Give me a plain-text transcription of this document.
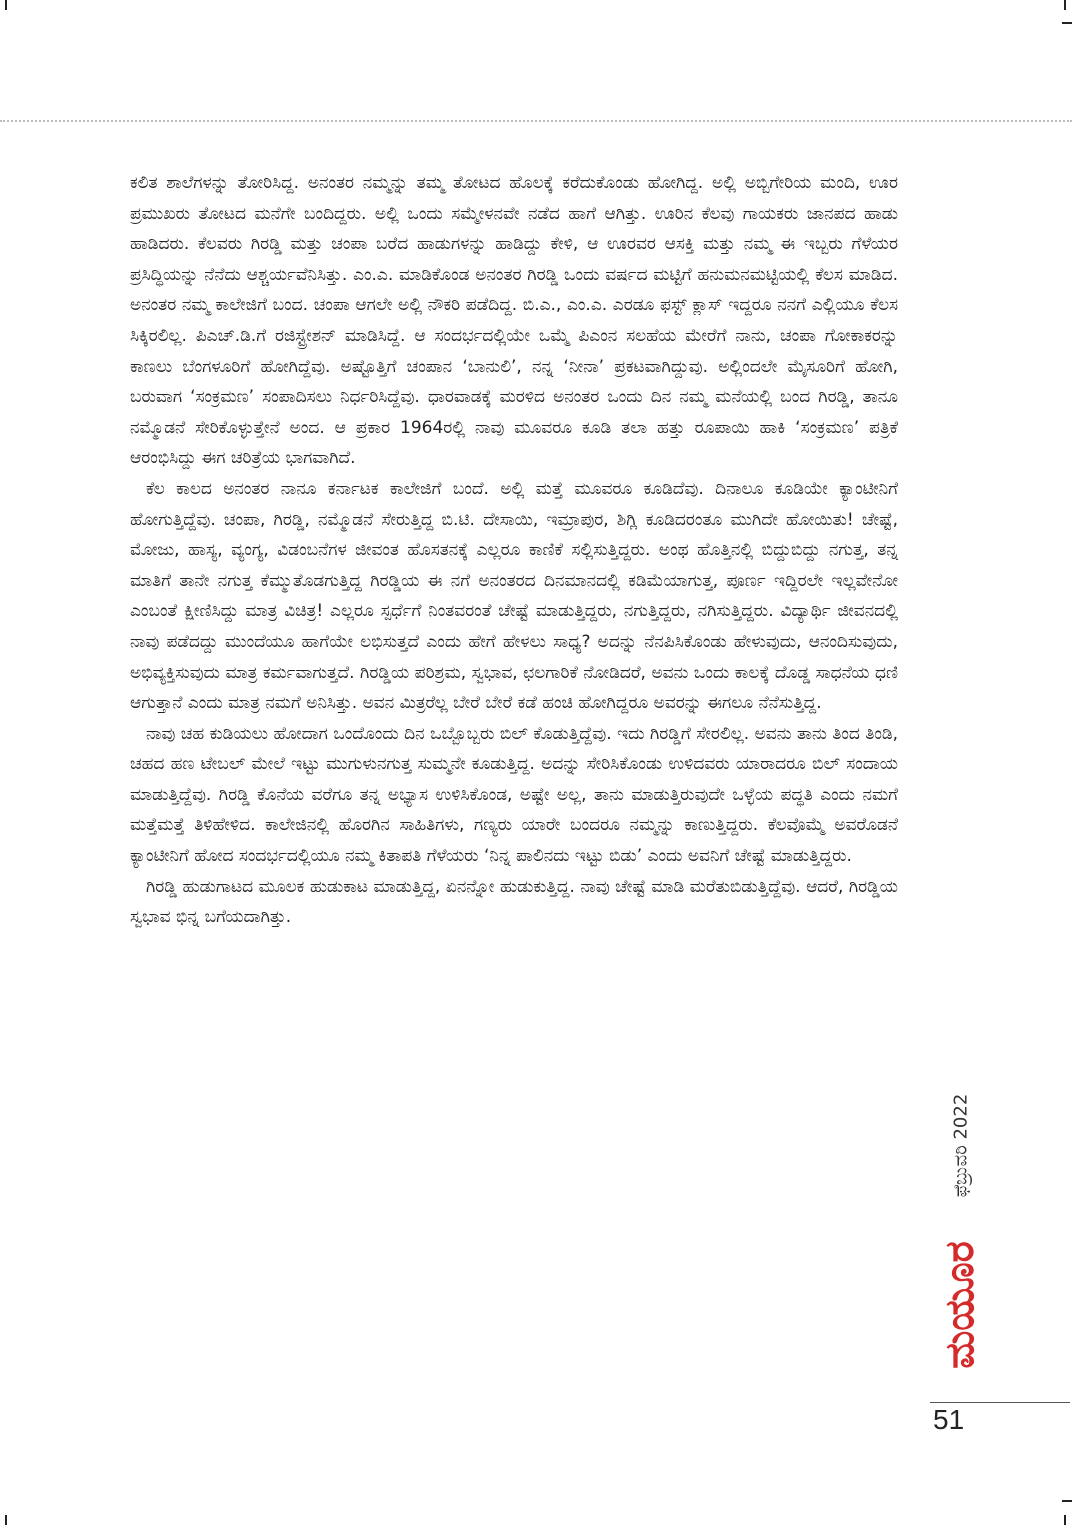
ಕಲಿತ ಶಾಲೆಗಳನ್ನು ತೋರಿಸಿದ್ದ. ಅನಂತರ ನಮ್ಮನ್ನು ತಮ್ಮ ತೋಟದ ಹೊಲಕ್ಕೆ ಕರೆದುಕೊಂಡು ಹೋಗಿದ್ದ. ಅಲ್ಲಿ ಅಬ್ಬಿಗೇರಿಯ ಮಂದಿ, ಊರ ಪ್ರಮುಖರು ತೋಟದ ಮನೆಗೇ ಬಂದಿದ್ದರು. ಅಲ್ಲಿ ಒಂದು ಸಮ್ಮೇಳನವೇ ನಡೆದ ಹಾಗೆ ಆಗಿತ್ತು. ಊರಿನ ಕೆಲವು ಗಾಯಕರು ಜಾನಪದ ಹಾಡು ಹಾಡಿದರು. ಕೆಲವರು ಗಿರಡ್ಡಿ ಮತ್ತು ಚಂಪಾ ಬರೆದ ಹಾಡುಗಳನ್ನು ಹಾಡಿದ್ದು ಕೇಳಿ, ಆ ಊರವರ ಆಸಕ್ತಿ ಮತ್ತು ನಮ್ಮ ಈ ಇಬ್ಬರು ಗೆಳೆಯರ ಪ್ರಸಿದ್ಧಿಯನ್ನು ನೆನೆದು ಆಶ್ಚರ್ಯವೆನಿಸಿತ್ತು. ಎಂ.ಎ. ಮಾಡಿಕೊಂಡ ಅನಂತರ ಗಿರಡ್ಡಿ ಒಂದು ವರ್ಷದ ಮಟ್ಟಿಗೆ ಹನುಮನಮಟ್ಟಿಯಲ್ಲಿ ಕೆಲಸ ಮಾಡಿದ. ಅನಂತರ ನಮ್ಮ ಕಾಲೇಜಿಗೆ ಬಂದ. ಚಂಪಾ ಆಗಲೇ ಅಲ್ಲಿ ನೌಕರಿ ಪಡೆದಿದ್ದ. ಬಿ.ಎ., ಎಂ.ಎ. ಎರಡೂ ಫಸ್ಟ್ ಕ್ಲಾಸ್ ಇದ್ದರೂ ನನಗೆ ಎಲ್ಲಿಯೂ ಕೆಲಸ ಸಿಕ್ಕಿರಲಿಲ್ಲ. ಪಿಎಚ್.ಡಿ.ಗೆ ರಜಿಸ್ಟ್ರೇಶನ್ ಮಾಡಿಸಿದ್ದೆ. ಆ ಸಂದರ್ಭದಲ್ಲಿಯೇ ಒಮ್ಮೆ ಪಿಎಂನ ಸಲಹೆಯ ಮೇರೆಗೆ ನಾನು, ಚಂಪಾ ಗೋಕಾಕರನ್ನು ಕಾಣಲು ಬೆಂಗಳೂರಿಗೆ ಹೋಗಿದ್ದೆವು. ಅಷ್ಟೊತ್ತಿಗೆ ಚಂಪಾನ ‘ಬಾನುಲಿ’, ನನ್ನ ‘ನೀನಾ’ ಪ್ರಕಟವಾಗಿದ್ದುವು. ಅಲ್ಲಿಂದಲೇ ಮೈಸೂರಿಗೆ ಹೋಗಿ, ಬರುವಾಗ ‘ಸಂಕ್ರಮಣ’ ಸಂಪಾದಿಸಲು ನಿರ್ಧರಿಸಿದ್ದೆವು. ಧಾರವಾಡಕ್ಕೆ ಮರಳಿದ ಅನಂತರ ಒಂದು ದಿನ ನಮ್ಮ ಮನೆಯಲ್ಲಿ ಬಂದ ಗಿರಡ್ಡಿ, ತಾನೂ ನಮ್ಮೊಡನೆ ಸೇರಿಕೊಳ್ಳುತ್ತೇನೆ ಅಂದ. ಆ ಪ್ರಕಾರ 1964ರಲ್ಲಿ ನಾವು ಮೂವರೂ ಕೂಡಿ ತಲಾ ಹತ್ತು ರೂಪಾಯಿ ಹಾಕಿ ‘ಸಂಕ್ರಮಣ’ ಪತ್ರಿಕೆ ಆರಂಭಿಸಿದ್ದು ಈಗ ಚರಿತ್ರೆಯ ಭಾಗವಾಗಿದೆ.

ಕೆಲ ಕಾಲದ ಅನಂತರ ನಾನೂ ಕರ್ನಾಟಕ ಕಾಲೇಜಿಗೆ ಬಂದೆ. ಅಲ್ಲಿ ಮತ್ತೆ ಮೂವರೂ ಕೂಡಿದೆವು. ದಿನಾಲೂ ಕೂಡಿಯೇ ಕ್ಯಾಂಟೀನಿಗೆ ಹೋಗುತ್ತಿದ್ದೆವು. ಚಂಪಾ, ಗಿರಡ್ಡಿ, ನಮ್ಮೊಡನೆ ಸೇರುತ್ತಿದ್ದ ಬಿ.ಟಿ. ದೇಸಾಯಿ, ಇಮ್ರಾಪುರ, ಶಿಗ್ಲಿ ಕೂಡಿದರಂತೂ ಮುಗಿದೇ ಹೋಯಿತು! ಚೇಷ್ಟೆ, ಮೋಜು, ಹಾಸ್ಯ, ವ್ಯಂಗ್ಯ, ವಿಡಂಬನೆಗಳ ಜೀವಂತ ಹೊಸತನಕ್ಕೆ ಎಲ್ಲರೂ ಕಾಣಿಕೆ ಸಲ್ಲಿಸುತ್ತಿದ್ದರು. ಅಂಥ ಹೊತ್ತಿನಲ್ಲಿ ಬಿದ್ದುಬಿದ್ದು ನಗುತ್ತ, ತನ್ನ ಮಾತಿಗೆ ತಾನೇ ನಗುತ್ತ ಕೆಮ್ಮುತೊಡಗುತ್ತಿದ್ದ ಗಿರಡ್ಡಿಯ ಈ ನಗೆ ಅನಂತರದ ದಿನಮಾನದಲ್ಲಿ ಕಡಿಮೆಯಾಗುತ್ತ, ಪೂರ್ಣ ಇದ್ದಿರಲೇ ಇಲ್ಲವೇನೋ ಎಂಬಂತೆ ಕ್ಷೀಣಿಸಿದ್ದು ಮಾತ್ರ ವಿಚಿತ್ರ! ಎಲ್ಲರೂ ಸ್ಪರ್ಧೆಗೆ ನಿಂತವರಂತೆ ಚೇಷ್ಟೆ ಮಾಡುತ್ತಿದ್ದರು, ನಗುತ್ತಿದ್ದರು, ನಗಿಸುತ್ತಿದ್ದರು. ವಿದ್ಯಾರ್ಥಿ ಜೀವನದಲ್ಲಿ ನಾವು ಪಡೆದದ್ದು ಮುಂದೆಯೂ ಹಾಗೆಯೇ ಲಭಿಸುತ್ತದೆ ಎಂದು ಹೇಗೆ ಹೇಳಲು ಸಾಧ್ಯ? ಅದನ್ನು ನೆನಪಿಸಿಕೊಂಡು ಹೇಳುವುದು, ಆನಂದಿಸುವುದು, ಅಭಿವ್ಯಕ್ತಿಸುವುದು ಮಾತ್ರ ಕರ್ಮವಾಗುತ್ತದೆ. ಗಿರಡ್ಡಿಯ ಪರಿಶ್ರಮ, ಸ್ವಭಾವ, ಛಲಗಾರಿಕೆ ನೋಡಿದರೆ, ಅವನು ಒಂದು ಕಾಲಕ್ಕೆ ದೊಡ್ಡ ಸಾಧನೆಯ ಧಣಿ ಆಗುತ್ತಾನೆ ಎಂದು ಮಾತ್ರ ನಮಗೆ ಅನಿಸಿತ್ತು. ಅವನ ಮಿತ್ರರೆಲ್ಲ ಬೇರೆ ಬೇರೆ ಕಡೆ ಹಂಚಿ ಹೋಗಿದ್ದರೂ ಅವರನ್ನು ಈಗಲೂ ನೆನೆಸುತ್ತಿದ್ದ.

ನಾವು ಚಹ ಕುಡಿಯಲು ಹೋದಾಗ ಒಂದೊಂದು ದಿನ ಒಬ್ಬೊಬ್ಬರು ಬಿಲ್ ಕೊಡುತ್ತಿದ್ದೆವು. ಇದು ಗಿರಡ್ಡಿಗೆ ಸೇರಲಿಲ್ಲ. ಅವನು ತಾನು ತಿಂದ ತಿಂಡಿ, ಚಹದ ಹಣ ಟೇಬಲ್ ಮೇಲೆ ಇಟ್ಟು ಮುಗುಳುನಗುತ್ತ ಸುಮ್ಮನೇ ಕೂಡುತ್ತಿದ್ದ. ಅದನ್ನು ಸೇರಿಸಿಕೊಂಡು ಉಳಿದವರು ಯಾರಾದರೂ ಬಿಲ್ ಸಂದಾಯ ಮಾಡುತ್ತಿದ್ದೆವು. ಗಿರಡ್ಡಿ ಕೊನೆಯ ವರೆಗೂ ತನ್ನ ಅಭ್ಯಾಸ ಉಳಿಸಿಕೊಂಡ, ಅಷ್ಟೇ ಅಲ್ಲ, ತಾನು ಮಾಡುತ್ತಿರುವುದೇ ಒಳ್ಳೆಯ ಪದ್ಧತಿ ಎಂದು ನಮಗೆ ಮತ್ತೆಮತ್ತೆ ತಿಳಿಹೇಳಿದ. ಕಾಲೇಜಿನಲ್ಲಿ ಹೊರಗಿನ ಸಾಹಿತಿಗಳು, ಗಣ್ಯರು ಯಾರೇ ಬಂದರೂ ನಮ್ಮನ್ನು ಕಾಣುತ್ತಿದ್ದರು. ಕೆಲವೊಮ್ಮೆ ಅವರೊಡನೆ ಕ್ಯಾಂಟೀನಿಗೆ ಹೋದ ಸಂದರ್ಭದಲ್ಲಿಯೂ ನಮ್ಮ ಕಿತಾಪತಿ ಗೆಳೆಯರು ‘ನಿನ್ನ ಪಾಲಿನದು ಇಟ್ಟು ಬಿಡು’ ಎಂದು ಅವನಿಗೆ ಚೇಷ್ಟೆ ಮಾಡುತ್ತಿದ್ದರು.

ಗಿರಡ್ಡಿ ಹುಡುಗಾಟದ ಮೂಲಕ ಹುಡುಕಾಟ ಮಾಡುತ್ತಿದ್ದ, ಏನನ್ನೋ ಹುಡುಕುತ್ತಿದ್ದ. ನಾವು ಚೇಷ್ಟೆ ಮಾಡಿ ಮರೆತುಬಿಡುತ್ತಿದ್ದೆವು. ಆದರೆ, ಗಿರಡ್ಡಿಯ ಸ್ವಭಾವ ಭಿನ್ನ ಬಗೆಯದಾಗಿತ್ತು.

ಫೆಬ್ರುವರಿ 2022
ಮಯೂರ
51
